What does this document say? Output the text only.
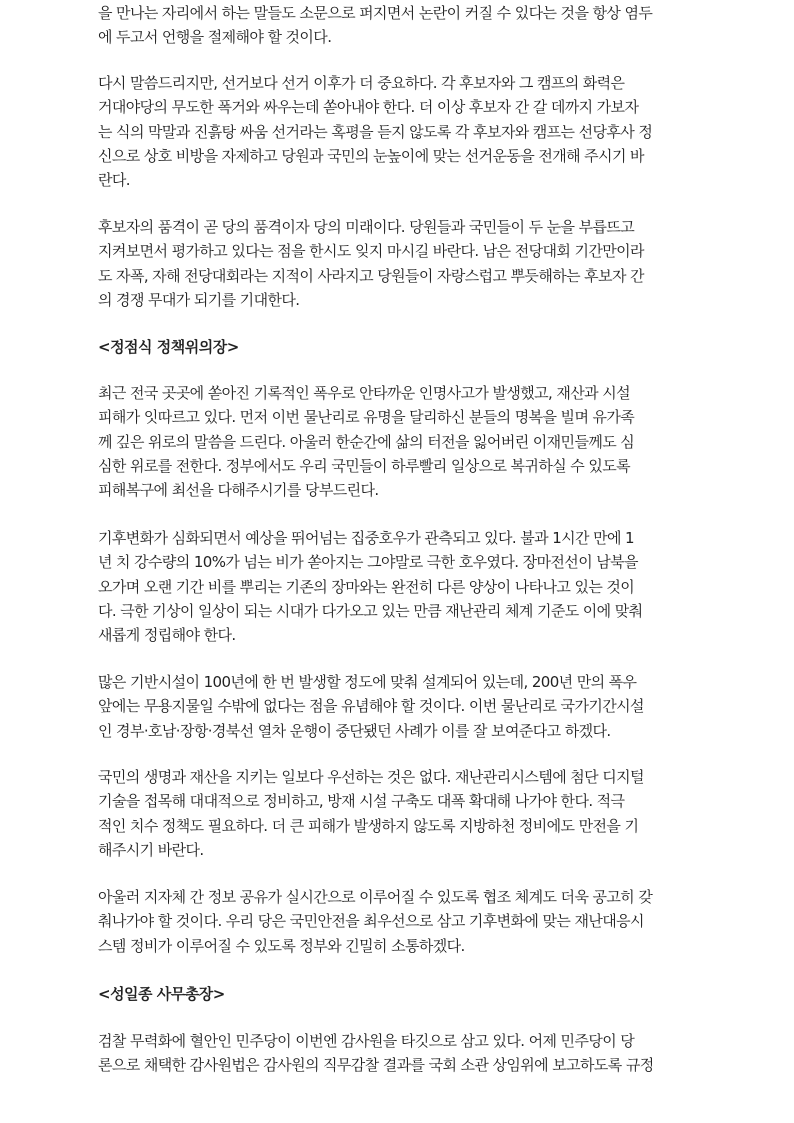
을 만나는 자리에서 하는 말들도 소문으로 퍼지면서 논란이 커질 수 있다는 것을 항상 염두
에 두고서 언행을 절제해야 할 것이다.

다시 말씀드리지만, 선거보다 선거 이후가 더 중요하다. 각 후보자와 그 캠프의 화력은
거대야당의 무도한 폭거와 싸우는데 쏟아내야 한다. 더 이상 후보자 간 갈 데까지 가보자
는 식의 막말과 진흙탕 싸움 선거라는 혹평을 듣지 않도록 각 후보자와 캠프는 선당후사 정
신으로 상호 비방을 자제하고 당원과 국민의 눈높이에 맞는 선거운동을 전개해 주시기 바
란다.

후보자의 품격이 곧 당의 품격이자 당의 미래이다. 당원들과 국민들이 두 눈을 부릅뜨고
지켜보면서 평가하고 있다는 점을 한시도 잊지 마시길 바란다. 남은 전당대회 기간만이라
도 자폭, 자해 전당대회라는 지적이 사라지고 당원들이 자랑스럽고 뿌듯해하는 후보자 간
의 경쟁 무대가 되기를 기대한다.

<정점식 정책위의장>

최근 전국 곳곳에 쏟아진 기록적인 폭우로 안타까운 인명사고가 발생했고, 재산과 시설
피해가 잇따르고 있다. 먼저 이번 물난리로 유명을 달리하신 분들의 명복을 빌며 유가족
께 깊은 위로의 말씀을 드린다. 아울러 한순간에 삶의 터전을 잃어버린 이재민들께도 심
심한 위로를 전한다. 정부에서도 우리 국민들이 하루빨리 일상으로 복귀하실 수 있도록
피해복구에 최선을 다해주시기를 당부드린다.

기후변화가 심화되면서 예상을 뛰어넘는 집중호우가 관측되고 있다. 불과 1시간 만에 1
년 치 강수량의 10%가 넘는 비가 쏟아지는 그야말로 극한 호우였다. 장마전선이 남북을
오가며 오랜 기간 비를 뿌리는 기존의 장마와는 완전히 다른 양상이 나타나고 있는 것이
다. 극한 기상이 일상이 되는 시대가 다가오고 있는 만큼 재난관리 체계 기준도 이에 맞춰
새롭게 정립해야 한다.

많은 기반시설이 100년에 한 번 발생할 정도에 맞춰 설계되어 있는데, 200년 만의 폭우
앞에는 무용지물일 수밖에 없다는 점을 유념해야 할 것이다. 이번 물난리로 국가기간시설
인 경부·호남·장항·경북선 열차 운행이 중단됐던 사례가 이를 잘 보여준다고 하겠다.

국민의 생명과 재산을 지키는 일보다 우선하는 것은 없다. 재난관리시스템에 첨단 디지털
기술을 접목해 대대적으로 정비하고, 방재 시설 구축도 대폭 확대해 나가야 한다. 적극
적인 치수 정책도 필요하다. 더 큰 피해가 발생하지 않도록 지방하천 정비에도 만전을 기
해주시기 바란다.

아울러 지자체 간 정보 공유가 실시간으로 이루어질 수 있도록 협조 체계도 더욱 공고히 갖
춰나가야 할 것이다. 우리 당은 국민안전을 최우선으로 삼고 기후변화에 맞는 재난대응시
스템 정비가 이루어질 수 있도록 정부와 긴밀히 소통하겠다.

<성일종 사무총장>

검찰 무력화에 혈안인 민주당이 이번엔 감사원을 타깃으로 삼고 있다. 어제 민주당이 당
론으로 채택한 감사원법은 감사원의 직무감찰 결과를 국회 소관 상임위에 보고하도록 규정
